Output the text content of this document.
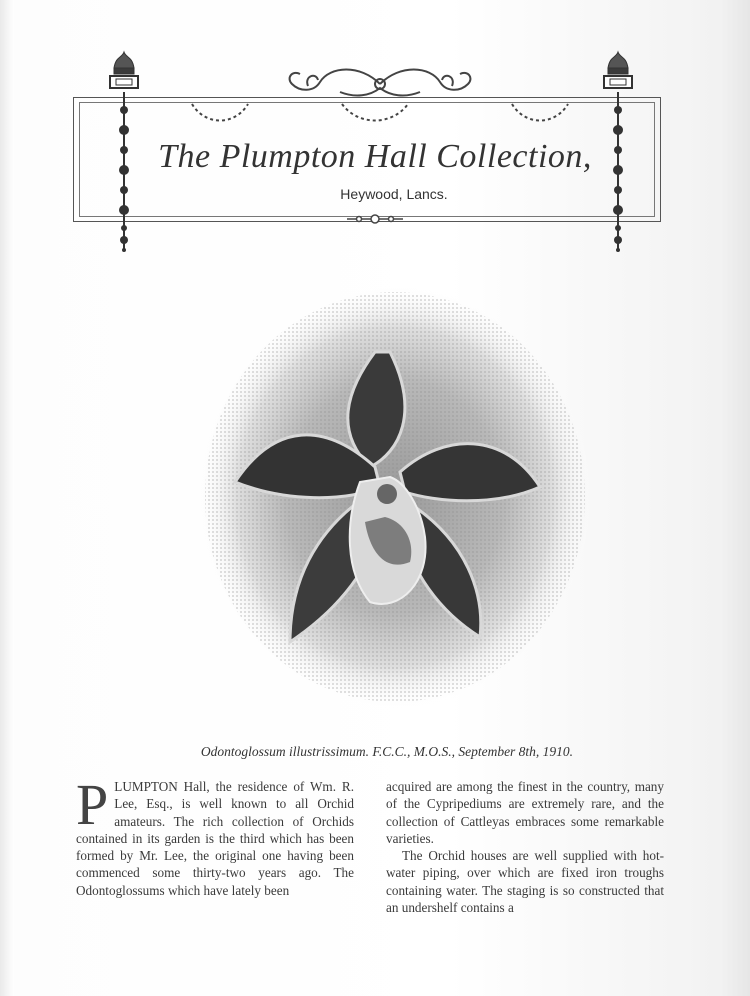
The Plumpton Hall Collection,
Heywood, Lancs.
Odontoglossum illustrissimum. F.C.C., M.O.S., September 8th, 1910.
P LUMPTON Hall, the residence of Wm. R. Lee, Esq., is well known to all Orchid amateurs. The rich collection of Orchids contained in its garden is the third which has been formed by Mr. Lee, the original one having been commenced some thirty-two years ago. The Odontoglossums which have lately been

acquired are among the finest in the country, many of the Cypripediums are extremely rare, and the collection of Cattleyas embraces some remarkable varieties.

The Orchid houses are well supplied with hot-water piping, over which are fixed iron troughs containing water. The staging is so constructed that an undershelf contains a
